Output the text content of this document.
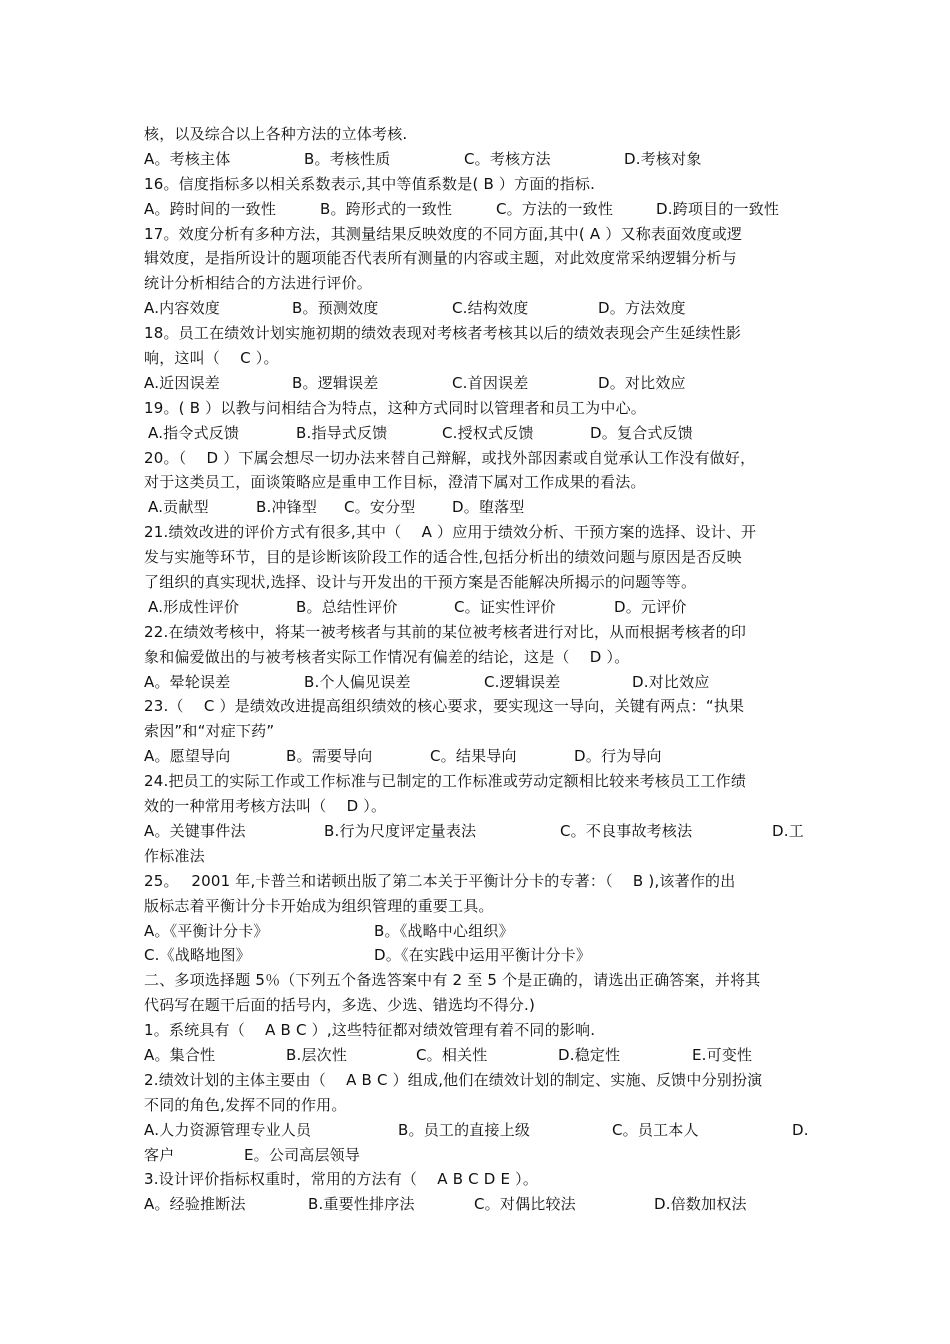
核，以及综合以上各种方法的立体考核.
A。考核主体	B。考核性质	C。考核方法	D.考核对象
16。信度指标多以相关系数表示,其中等值系数是( B ）方面的指标.
A。跨时间的一致性	B。跨形式的一致性	C。方法的一致性	D.跨项目的一致性
17。效度分析有多种方法，其测量结果反映效度的不同方面,其中( A ）又称表面效度或逻
辑效度，是指所设计的题项能否代表所有测量的内容或主题，对此效度常采纳逻辑分析与
统计分析相结合的方法进行评价。
A.内容效度	B。预测效度	C.结构效度	D。方法效度
18。员工在绩效计划实施初期的绩效表现对考核者考核其以后的绩效表现会产生延续性影
响，这叫（　 C ）。
A.近因误差	B。逻辑误差	C.首因误差	D。对比效应
19。( B ）以教与问相结合为特点，这种方式同时以管理者和员工为中心。
A.指令式反馈	B.指导式反馈	C.授权式反馈	D。复合式反馈
20。（　 D ）下属会想尽一切办法来替自己辩解，或找外部因素或自觉承认工作没有做好，
对于这类员工，面谈策略应是重申工作目标，澄清下属对工作成果的看法。
A.贡献型	B.冲锋型 C。安分型 D。堕落型
21.绩效改进的评价方式有很多,其中（　 A ）应用于绩效分析、干预方案的选择、设计、开
发与实施等环节，目的是诊断该阶段工作的适合性,包括分析出的绩效问题与原因是否反映
了组织的真实现状,选择、设计与开发出的干预方案是否能解决所揭示的问题等等。
A.形成性评价	B。总结性评价	C。证实性评价	D。元评价
22.在绩效考核中，将某一被考核者与其前的某位被考核者进行对比，从而根据考核者的印
象和偏爱做出的与被考核者实际工作情况有偏差的结论，这是（　 D ）。
A。晕轮误差	B.个人偏见误差	C.逻辑误差	D.对比效应
23.（　 C ）是绩效改进提高组织绩效的核心要求，要实现这一导向，关键有两点：“执果
索因”和“对症下药”
A。愿望导向	B。需要导向	C。结果导向	D。行为导向
24.把员工的实际工作或工作标准与已制定的工作标准或劳动定额相比较来考核员工工作绩
效的一种常用考核方法叫（　 D ）。
A。关键事件法	B.行为尺度评定量表法	C。不良事故考核法	D.工
作标准法
25。　 2001 年,卡普兰和诺顿出版了第二本关于平衡计分卡的专著：（　 B ),该著作的出
版标志着平衡计分卡开始成为组织管理的重要工具。
A。《平衡计分卡》	B。《战略中心组织》
C.《战略地图》	D。《在实践中运用平衡计分卡》
二、多项选择题 5％（下列五个备选答案中有 2 至 5 个是正确的，请选出正确答案，并将其
代码写在题干后面的括号内，多选、少选、错选均不得分.)
1。系统具有（　 A B C ）,这些特征都对绩效管理有着不同的影响.
A。集合性	B.层次性	C。相关性	D.稳定性	E.可变性
2.绩效计划的主体主要由（　 A B C ）组成,他们在绩效计划的制定、实施、反馈中分别扮演
不同的角色,发挥不同的作用。
A.人力资源管理专业人员	B。员工的直接上级	C。员工本人	D.
客户	E。公司高层领导
3.设计评价指标权重时，常用的方法有（　 A B C D E ）。
A。经验推断法	B.重要性排序法	C。对偶比较法	D.倍数加权法
